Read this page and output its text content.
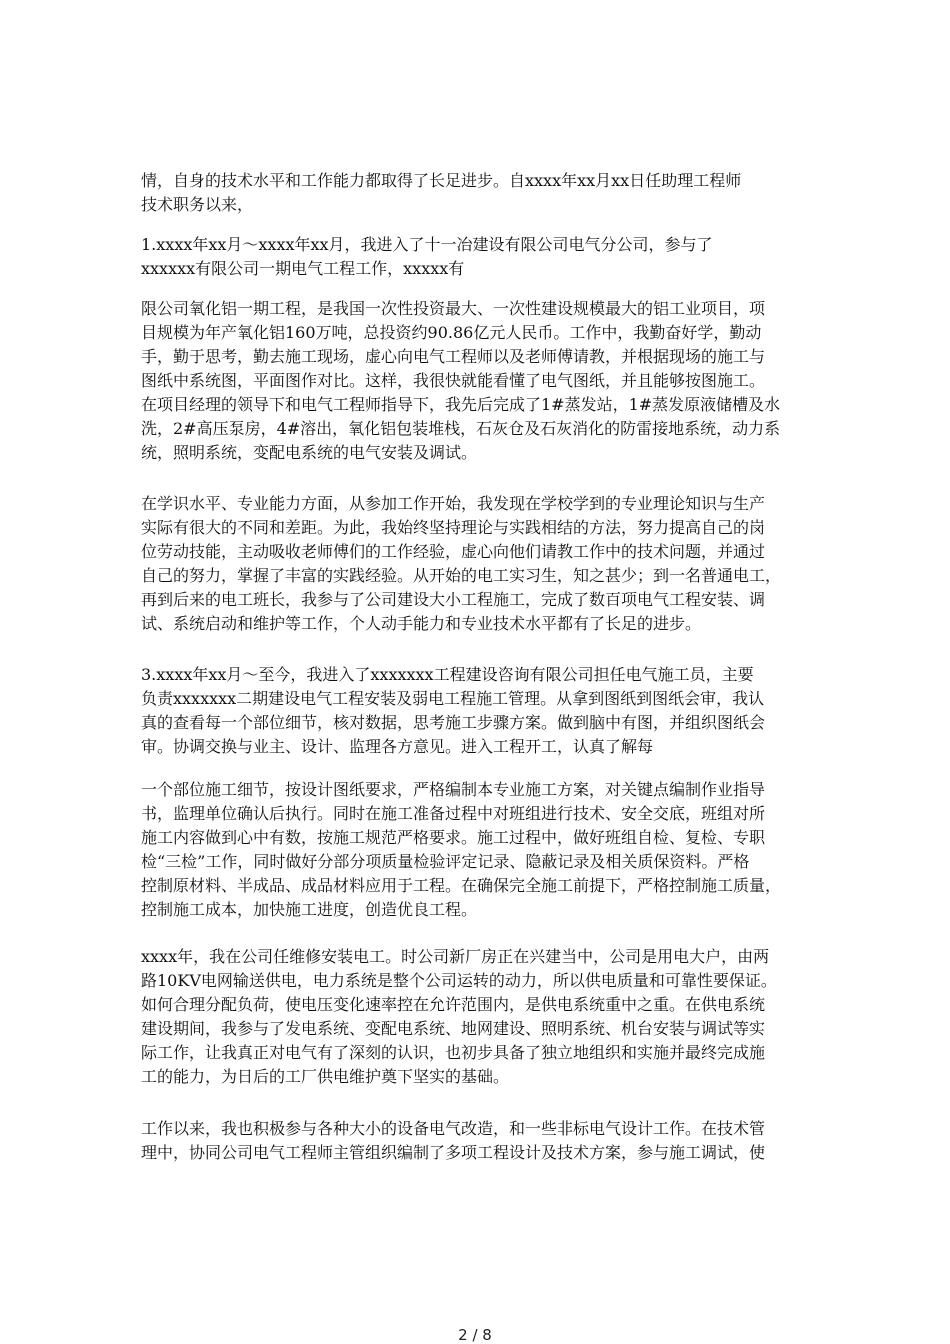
情，自身的技术水平和工作能力都取得了长足进步。自xxxx年xx月xx日任助理工程师
技术职务以来，
1.xxxx年xx月～xxxx年xx月，我进入了十一冶建设有限公司电气分公司，参与了
xxxxxx有限公司一期电气工程工作，xxxxx有
限公司氧化铝一期工程，是我国一次性投资最大、一次性建设规模最大的铝工业项目，项
目规模为年产氧化铝160万吨，总投资约90.86亿元人民币。工作中，我勤奋好学，勤动
手，勤于思考，勤去施工现场，虚心向电气工程师以及老师傅请教，并根据现场的施工与
图纸中系统图，平面图作对比。这样，我很快就能看懂了电气图纸，并且能够按图施工。
在项目经理的领导下和电气工程师指导下，我先后完成了1#蒸发站，1#蒸发原液储槽及水
洗，2#高压泵房，4#溶出，氧化铝包装堆栈，石灰仓及石灰消化的防雷接地系统，动力系
统，照明系统，变配电系统的电气安装及调试。
在学识水平、专业能力方面，从参加工作开始，我发现在学校学到的专业理论知识与生产
实际有很大的不同和差距。为此，我始终坚持理论与实践相结的方法，努力提高自己的岗
位劳动技能，主动吸收老师傅们的工作经验，虚心向他们请教工作中的技术问题，并通过
自己的努力，掌握了丰富的实践经验。从开始的电工实习生，知之甚少；到一名普通电工，
再到后来的电工班长，我参与了公司建设大小工程施工，完成了数百项电气工程安装、调
试、系统启动和维护等工作，个人动手能力和专业技术水平都有了长足的进步。
3.xxxx年xx月～至今，我进入了xxxxxxx工程建设咨询有限公司担任电气施工员，主要
负责xxxxxxx二期建设电气工程安装及弱电工程施工管理。从拿到图纸到图纸会审，我认
真的查看每一个部位细节，核对数据，思考施工步骤方案。做到脑中有图，并组织图纸会
审。协调交换与业主、设计、监理各方意见。进入工程开工，认真了解每
一个部位施工细节，按设计图纸要求，严格编制本专业施工方案，对关键点编制作业指导
书，监理单位确认后执行。同时在施工准备过程中对班组进行技术、安全交底，班组对所
施工内容做到心中有数，按施工规范严格要求。施工过程中，做好班组自检、复检、专职
检“三检”工作，同时做好分部分项质量检验评定记录、隐蔽记录及相关质保资料。严格
控制原材料、半成品、成品材料应用于工程。在确保完全施工前提下，严格控制施工质量，
控制施工成本，加快施工进度，创造优良工程。
xxxx年，我在公司任维修安装电工。时公司新厂房正在兴建当中，公司是用电大户，由两
路10KV电网输送供电，电力系统是整个公司运转的动力，所以供电质量和可靠性要保证。
如何合理分配负荷，使电压变化速率控在允许范围内，是供电系统重中之重。在供电系统
建设期间，我参与了发电系统、变配电系统、地网建设、照明系统、机台安装与调试等实
际工作，让我真正对电气有了深刻的认识，也初步具备了独立地组织和实施并最终完成施
工的能力，为日后的工厂供电维护奠下坚实的基础。
工作以来，我也积极参与各种大小的设备电气改造，和一些非标电气设计工作。在技术管
理中，协同公司电气工程师主管组织编制了多项工程设计及技术方案，参与施工调试，使
2 / 8
